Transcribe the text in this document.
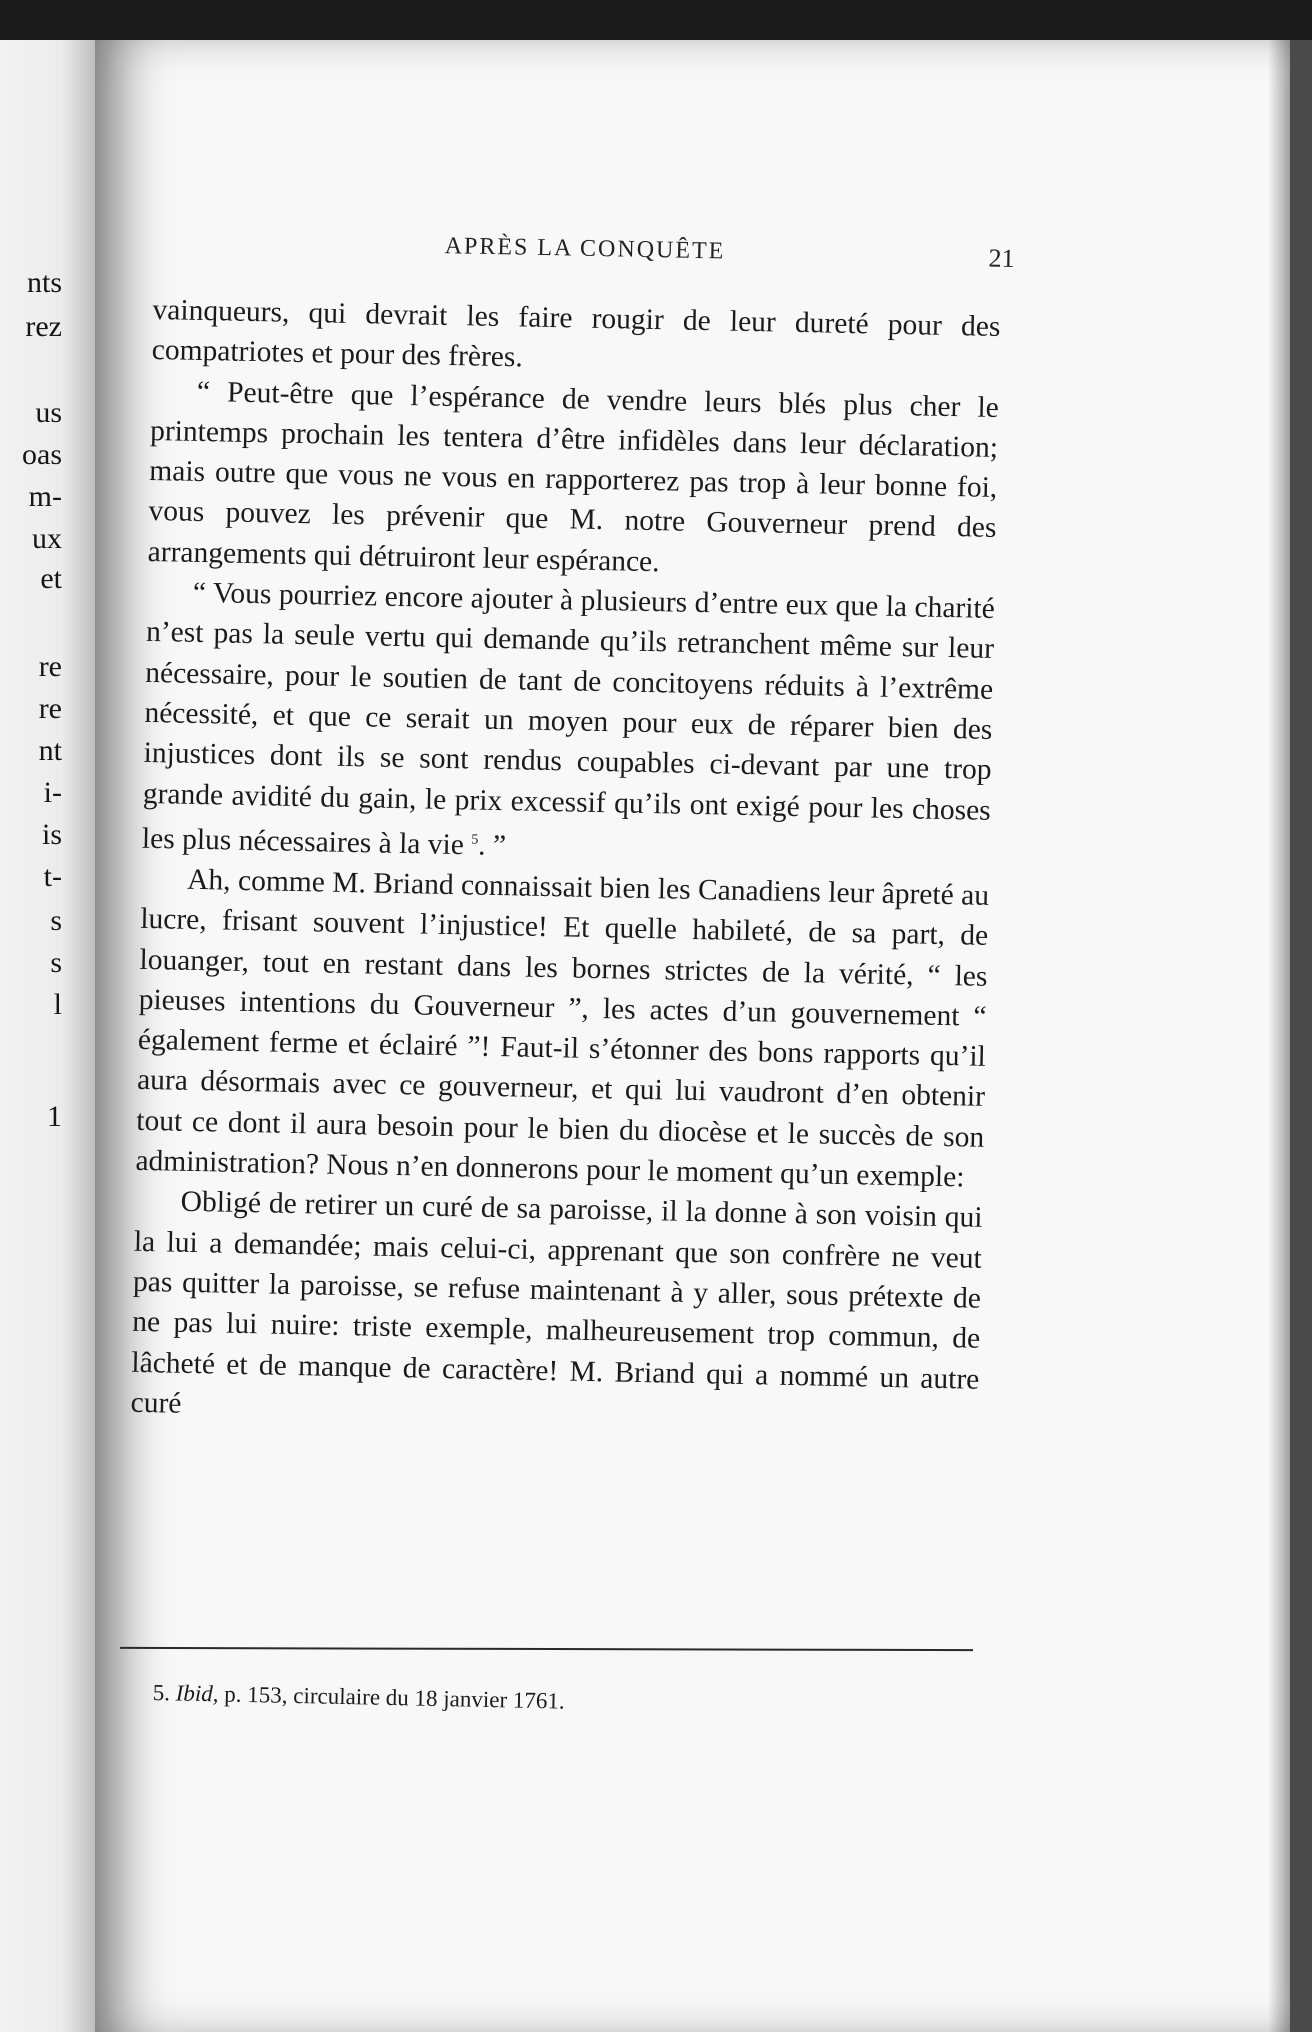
nts
rez
us
oas
m-
ux
et
re
re
nt
i-
is
t-
s
s
l
1
APRÈS LA CONQUÊTE	21

vainqueurs, qui devrait les faire rougir de leur dureté pour des compatriotes et pour des frères.

“ Peut-être que l’espérance de vendre leurs blés plus cher le printemps prochain les tentera d’être infidèles dans leur déclaration; mais outre que vous ne vous en rapporterez pas trop à leur bonne foi, vous pouvez les prévenir que M. notre Gouverneur prend des arrangements qui détruiront leur espérance.

“ Vous pourriez encore ajouter à plusieurs d’entre eux que la charité n’est pas la seule vertu qui demande qu’ils retranchent même sur leur nécessaire, pour le soutien de tant de concitoyens réduits à l’extrême nécessité, et que ce serait un moyen pour eux de réparer bien des injustices dont ils se sont rendus coupables ci-devant par une trop grande avidité du gain, le prix excessif qu’ils ont exigé pour les choses les plus nécessaires à la vie $^5$. ”

Ah, comme M. Briand connaissait bien les Canadiens leur âpreté au lucre, frisant souvent l’injustice! Et quelle habileté, de sa part, de louanger, tout en restant dans les bornes strictes de la vérité, “ les pieuses intentions du Gouverneur ”, les actes d’un gouvernement “ également ferme et éclairé ”! Faut-il s’étonner des bons rapports qu’il aura désormais avec ce gouverneur, et qui lui vaudront d’en obtenir tout ce dont il aura besoin pour le bien du diocèse et le succès de son administration? Nous n’en donnerons pour le moment qu’un exemple:

Obligé de retirer un curé de sa paroisse, il la donne à son voisin qui la lui a demandée; mais celui-ci, apprenant que son confrère ne veut pas quitter la paroisse, se refuse maintenant à y aller, sous prétexte de ne pas lui nuire: triste exemple, malheureusement trop commun, de lâcheté et de manque de caractère! M. Briand qui a nommé un autre curé

5. Ibid, p. 153, circulaire du 18 janvier 1761.
